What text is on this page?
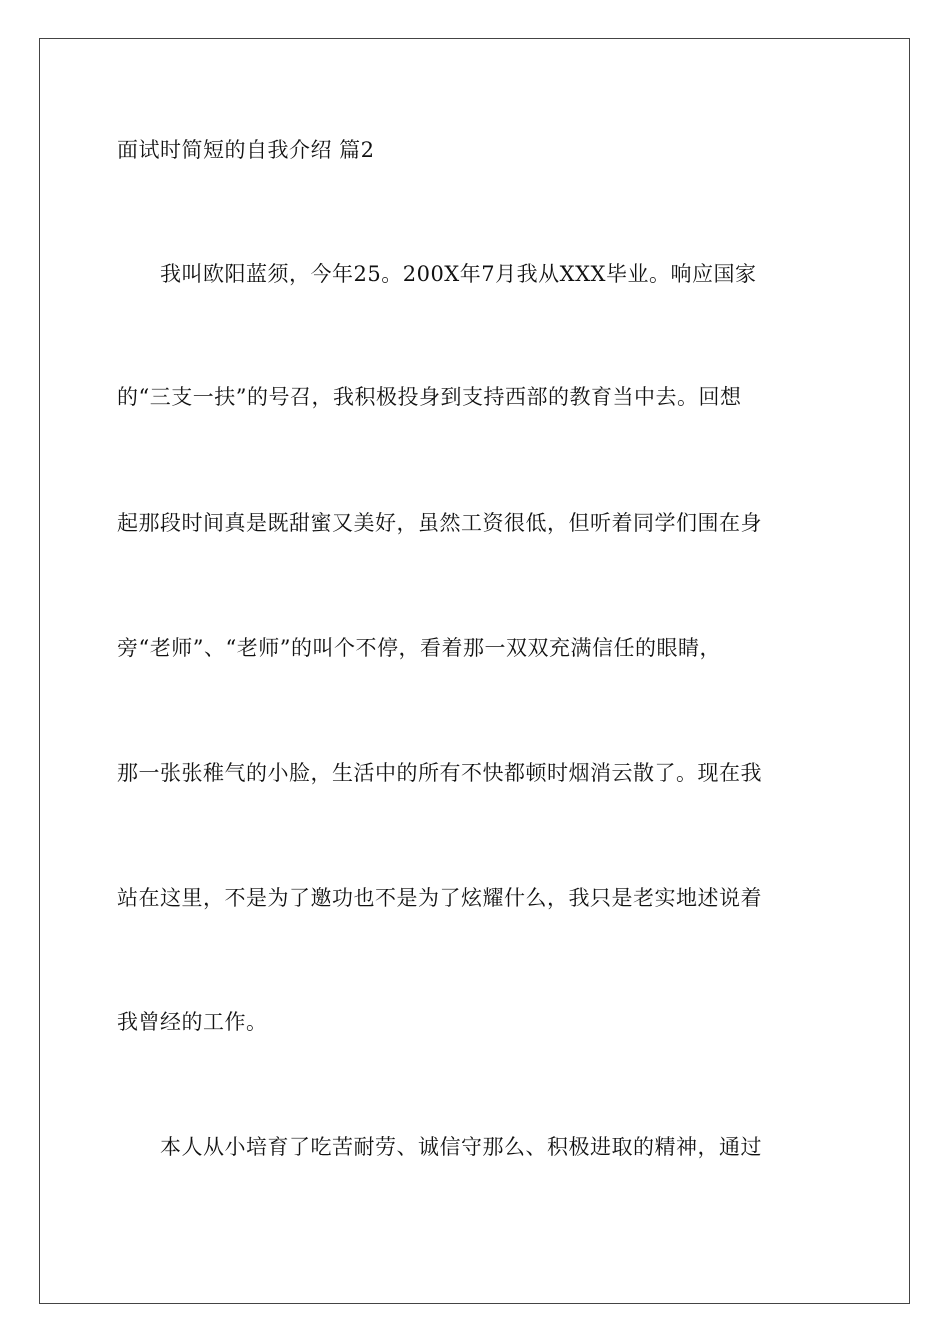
面试时简短的自我介绍 篇2
我叫欧阳蓝须，今年25。200X年7月我从XXX毕业。响应国家
的“三支一扶”的号召，我积极投身到支持西部的教育当中去。回想
起那段时间真是既甜蜜又美好，虽然工资很低，但听着同学们围在身
旁“老师”、“老师”的叫个不停，看着那一双双充满信任的眼睛，
那一张张稚气的小脸，生活中的所有不快都顿时烟消云散了。现在我
站在这里，不是为了邀功也不是为了炫耀什么，我只是老实地述说着
我曾经的工作。
本人从小培育了吃苦耐劳、诚信守那么、积极进取的精神，通过
